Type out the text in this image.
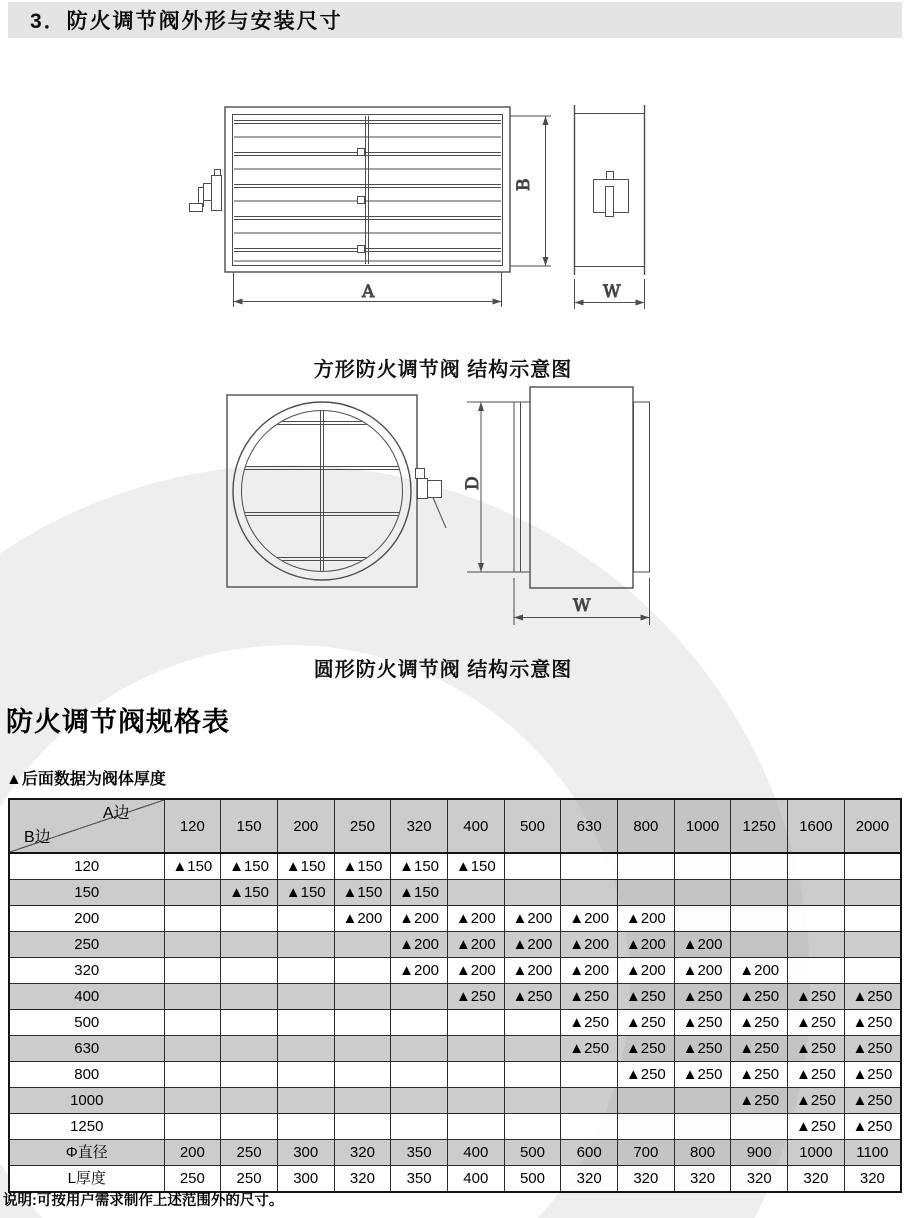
3．防火调节阀外形与安装尺寸
B
A	W
D
W
方形防火调节阀 结构示意图
圆形防火调节阀 结构示意图
防火调节阀规格表
▲后面数据为阀体厚度
A边
B边	120	150	200	250	320	400	500	630	800	1000	1250	1600	2000
120	▲150	▲150	▲150	▲150	▲150	▲150							
150		▲150	▲150	▲150	▲150								
200				▲200	▲200	▲200	▲200	▲200	▲200				
250					▲200	▲200	▲200	▲200	▲200	▲200			
320					▲200	▲200	▲200	▲200	▲200	▲200	▲200		
400						▲250	▲250	▲250	▲250	▲250	▲250	▲250	▲250
500								▲250	▲250	▲250	▲250	▲250	▲250
630								▲250	▲250	▲250	▲250	▲250	▲250
800									▲250	▲250	▲250	▲250	▲250
1000											▲250	▲250	▲250
1250												▲250	▲250
Φ直径	200	250	300	320	350	400	500	600	700	800	900	1000	1100
L厚度	250	250	300	320	350	400	500	320	320	320	320	320	320
说明:可按用户需求制作上述范围外的尺寸。
